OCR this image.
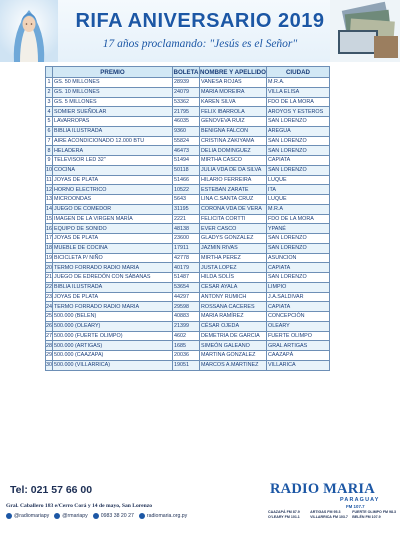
RIFA ANIVERSARIO 2019
17 años proclamando: "Jesús es el Señor"
	PREMIO	BOLETA	NOMBRE Y APELLIDO	CIUDAD
1	GS. 50 MILLONES	28939	VANESA ROJAS	M.R.A.
2	GS. 10 MILLONES	24079	MARIA MOREIRA	VILLA ELISA
3	GS. 5 MILLONES	53362	KAREN SILVA	FDO DE LA MORA
4	SOMIER SUEÑOLAR	21795	FELIX IBARROLA	AROYOS Y ESTEROS
5	LAVARROPAS	46035	GENOVEVA RUIZ	SAN LORENZO
6	BIBLIA ILUSTRADA	9360	BENIGNA FALCON	AREGUA
7	AIRE ACONDICIONADO 12.000 BTU	55824	CRISTINA ZAKIYAMA	SAN LORENZO
8	HELADERA	46473	DELIA DOMINGUEZ	SAN LORENZO
9	TELEVISOR LED 32"	51494	MIRTHA CASCO	CAPIATA
10	COCINA	50118	JULIA VDA DE DA SILVA	SAN LORENZO
11	JOYAS DE PLATA	51466	HILARIO FERREIRA	LUQUE
12	HORNO ELECTRICO	10522	ESTEBAN ZARATE	ITA
13	MICROONDAS	5643	LINA C.SANTA CRUZ	LUQUE
14	JUEGO DE COMEDOR	31195	CORONA VDA DE VERA	M.R.A
15	IMAGEN DE LA VIRGEN MARÍA	2221	FELICITA CORTTI	FDO DE LA MORA
16	EQUIPO DE SONIDO	48138	EVER CASCO	YPANÉ
17	JOYAS DE PLATA	23600	GLADYS GONZALEZ	SAN LORENZO
18	MUEBLE DE COCINA	17911	JAZMIN RIVAS	SAN LORENZO
19	BICICLETA P/ NIÑO	42778	MIRTHA PEREZ	ASUNCION
20	TERMO FORRADO RADIO MARIA	40179	JUSTA LOPEZ	CAPIATA
21	JUEGO DE EDREDÓN CON SÁBANAS	51487	HILDA SOLÍS	SAN LORENZO
22	BIBLIA ILUSTRADA	53654	CESAR AYALA	LIMPIO
23	JOYAS DE PLATA	44297	ANTONY RUMICH	J.A.SALDIVAR
24	TERMO FORRADO RADIO MARIA	29598	ROSSANA CACERES	CAPIATA
25	500.000 (BELEN)	40883	MARIA RAMÍREZ	CONCEPCIÓN
26	500.000 (OLEARY)	21399	CÉSAR OJEDA	OLEARY
27	500.000 (FUERTE OLIMPO)	4602	DEMETRIA DE GARCIA	FUERTE OLIMPO
28	500.000 (ARTIGAS)	1685	SIMEÓN GALEANO	GRAL ARTIGAS
29	500.000 (CAAZAPA)	20036	MARTINA GONZALEZ	CAAZAPÁ
30	500.000 (VILLARRICA)	19051	MARCOS A.MARTINEZ	VILLARICA
Tel: 021 57 66 00
Gral. Caballero 183 e/Cerro Corá y 14 de mayo, San Lorenzo
@radiomariapy	@rmariapy	0983 38 20 27	radiomaria.org.py
RADIO MARIA
PARAGUAY
FM 107.7
CAAZAPÁ FM 87.9	ARTIGAS FM 95.3	FUERTE OLIMPO FM 98.3
O'LEARY FM 101.1	VILLARRICA FM 103.7	BELÉN FM 107.9
